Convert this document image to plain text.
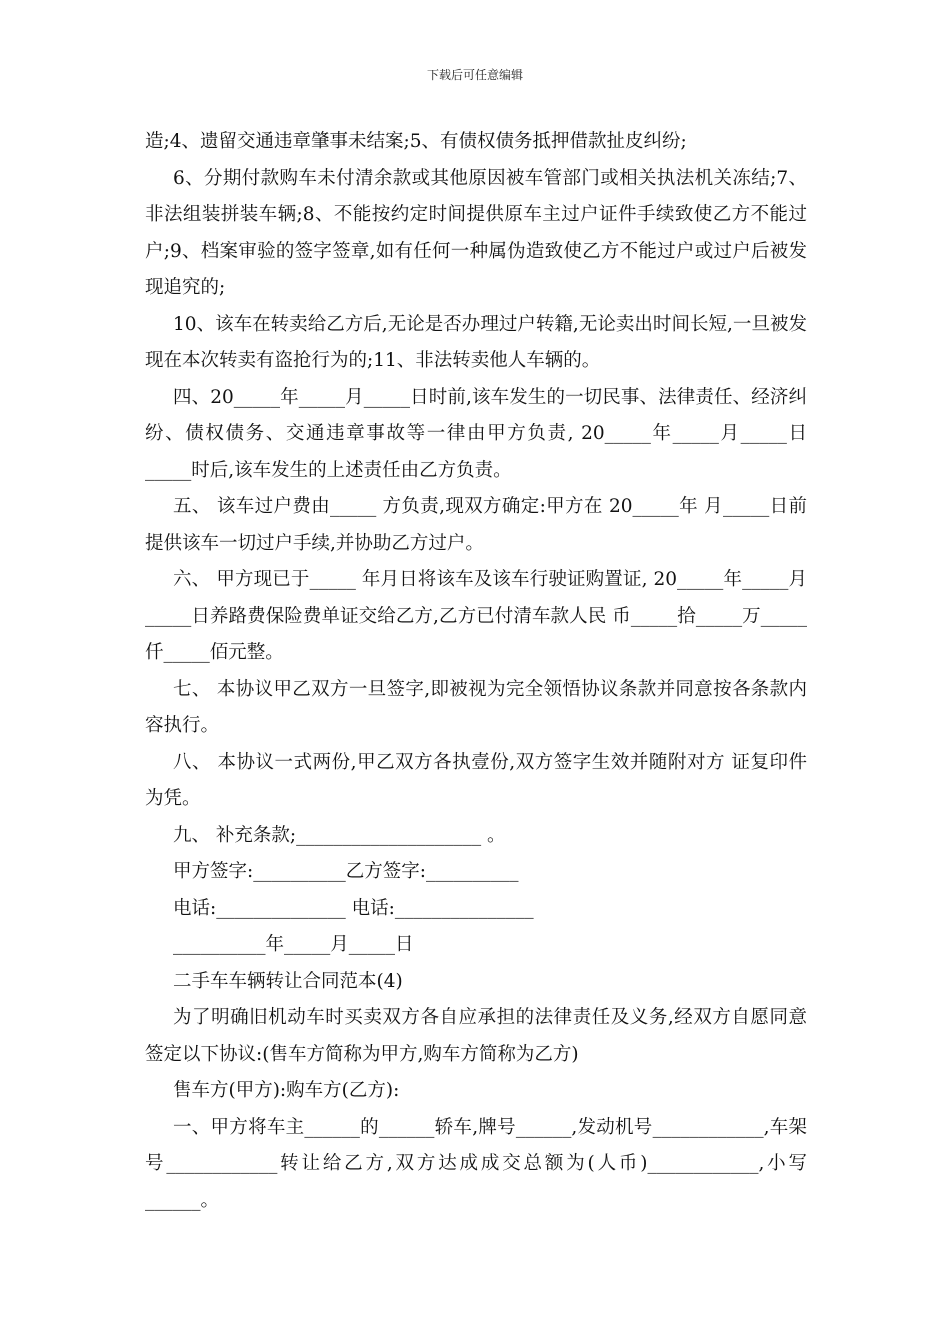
下载后可任意编辑

造;4、遗留交通违章肇事未结案;5、有债权债务抵押借款扯皮纠纷;

6、分期付款购车未付清余款或其他原因被车管部门或相关执法机关冻结;7、非法组装拼装车辆;8、不能按约定时间提供原车主过户证件手续致使乙方不能过户;9、档案审验的签字签章,如有任何一种属伪造致使乙方不能过户或过户后被发现追究的;

10、该车在转卖给乙方后,无论是否办理过户转籍,无论卖出时间长短,一旦被发现在本次转卖有盗抢行为的;11、非法转卖他人车辆的。

四、20_____年_____月_____日时前,该车发生的一切民事、法律责任、经济纠纷、债权债务、交通违章事故等一律由甲方负责, 20_____年_____月_____日_____时后,该车发生的上述责任由乙方负责。

五、 该车过户费由_____ 方负责,现双方确定:甲方在 20_____年 月_____日前提供该车一切过户手续,并协助乙方过户。

六、 甲方现已于_____ 年月日将该车及该车行驶证购置证, 20_____年_____月_____日养路费保险费单证交给乙方,乙方已付清车款人民 币_____拾_____万_____仟_____佰元整。

七、 本协议甲乙双方一旦签字,即被视为完全领悟协议条款并同意按各条款内容执行。

八、 本协议一式两份,甲乙双方各执壹份,双方签字生效并随附对方 证复印件为凭。

九、 补充条款;____________________ 。

甲方签字:__________乙方签字:__________

电话:______________ 电话:_______________

__________年_____月_____日

二手车车辆转让合同范本(4)

为了明确旧机动车时买卖双方各自应承担的法律责任及义务,经双方自愿同意签定以下协议:(售车方简称为甲方,购车方简称为乙方)

售车方(甲方):购车方(乙方):

一、甲方将车主______的______轿车,牌号______,发动机号____________,车架号____________转让给乙方,双方达成成交总额为(人币)____________,小写______。
